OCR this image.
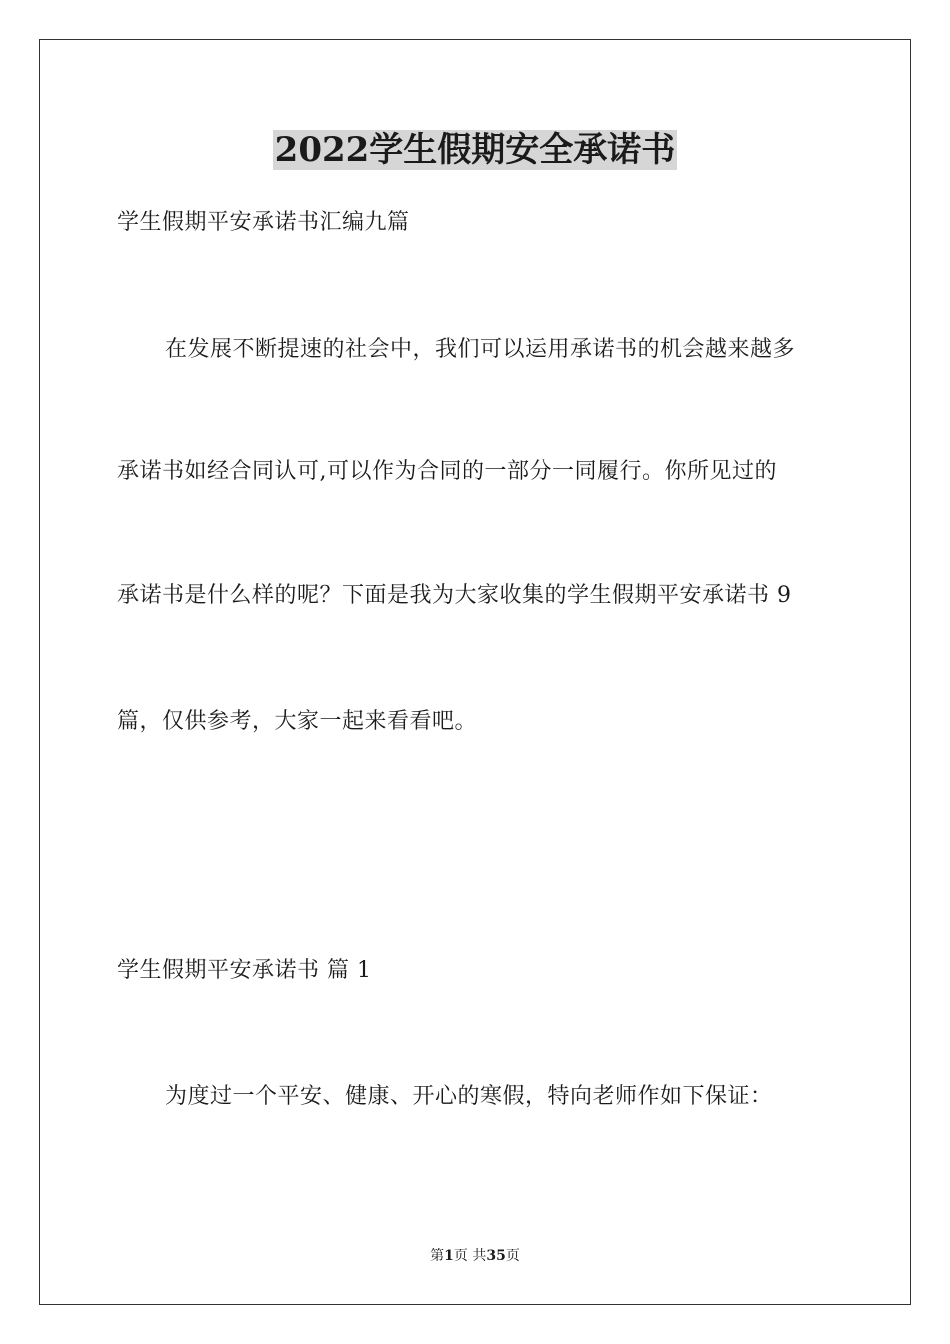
2022学生假期安全承诺书
学生假期平安承诺书汇编九篇
在发展不断提速的社会中，我们可以运用承诺书的机会越来越多
承诺书如经合同认可,可以作为合同的一部分一同履行。你所见过的
承诺书是什么样的呢？下面是我为大家收集的学生假期平安承诺书 9
篇，仅供参考，大家一起来看看吧。
学生假期平安承诺书 篇 1
为度过一个平安、健康、开心的寒假，特向老师作如下保证：
第1页 共35页
